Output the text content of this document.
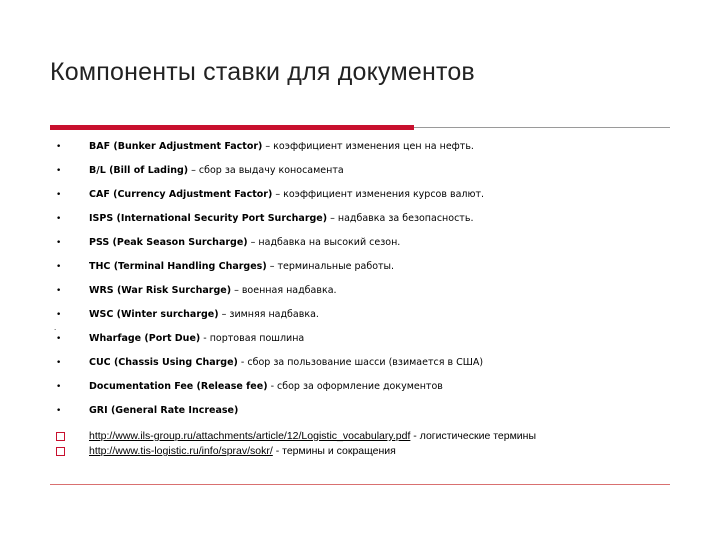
Компоненты ставки для документов
•	BAF (Bunker Adjustment Factor) – коэффициент изменения цен на нефть.
•	B/L (Bill of Lading) – сбор за выдачу коносамента
•	CAF (Currency Adjustment Factor) – коэффициент изменения курсов валют.
•	ISPS (International Security Port Surcharge) – надбавка за безопасность.
•	PSS (Peak Season Surcharge) – надбавка на высокий сезон.
•	THC (Terminal Handling Charges) – терминальные работы.
•	WRS (War Risk Surcharge) – военная надбавка.
•	WSC (Winter surcharge) – зимняя надбавка.
.
•	Wharfage (Port Due) - портовая пошлина
•	CUC (Chassis Using Charge) - сбор за пользование шасси (взимается в США)
•	Documentation Fee (Release fee) - сбор за оформление документов
•	GRI (General Rate Increase)
http://www.ils-group.ru/attachments/article/12/Logistic_vocabulary.pdf - логистические термины
http://www.tis-logistic.ru/info/sprav/sokr/ - термины и сокращения
